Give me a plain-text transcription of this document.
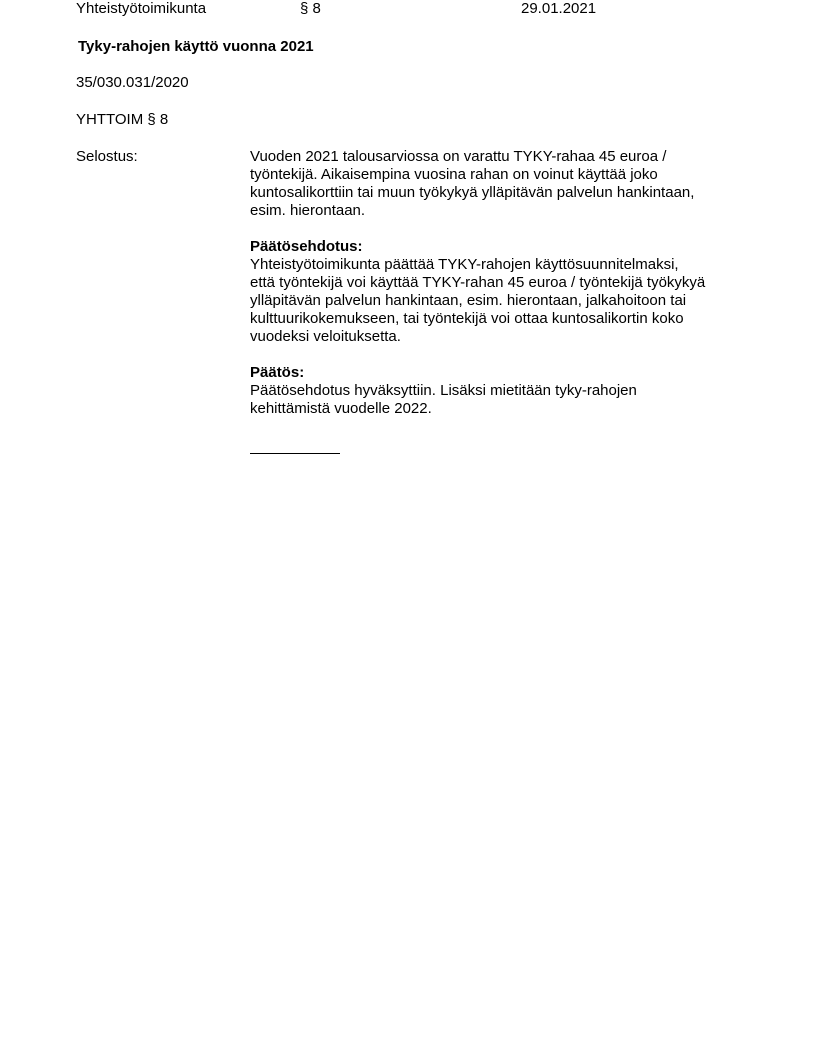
Yhteistyötoimikunta	§ 8	29.01.2021
Tyky-rahojen käyttö vuonna 2021
35/030.031/2020
YHTTOIM § 8
Selostus:	Vuoden 2021 talousarviossa on varattu TYKY-rahaa 45 euroa /

työntekijä. Aikaisempina vuosina rahan on voinut käyttää joko

kuntosalikorttiin tai muun työkykyä ylläpitävän palvelun hankintaan,

esim. hierontaan.

Päätösehdotus:

Yhteistyötoimikunta päättää TYKY-rahojen käyttösuunnitelmaksi,

että työntekijä voi käyttää TYKY-rahan 45 euroa / työntekijä työkykyä

ylläpitävän palvelun hankintaan, esim. hierontaan, jalkahoitoon tai

kulttuurikokemukseen, tai työntekijä voi ottaa kuntosalikortin koko

vuodeksi veloituksetta.

Päätös:

Päätösehdotus hyväksyttiin. Lisäksi mietitään tyky-rahojen

kehittämistä vuodelle 2022.
